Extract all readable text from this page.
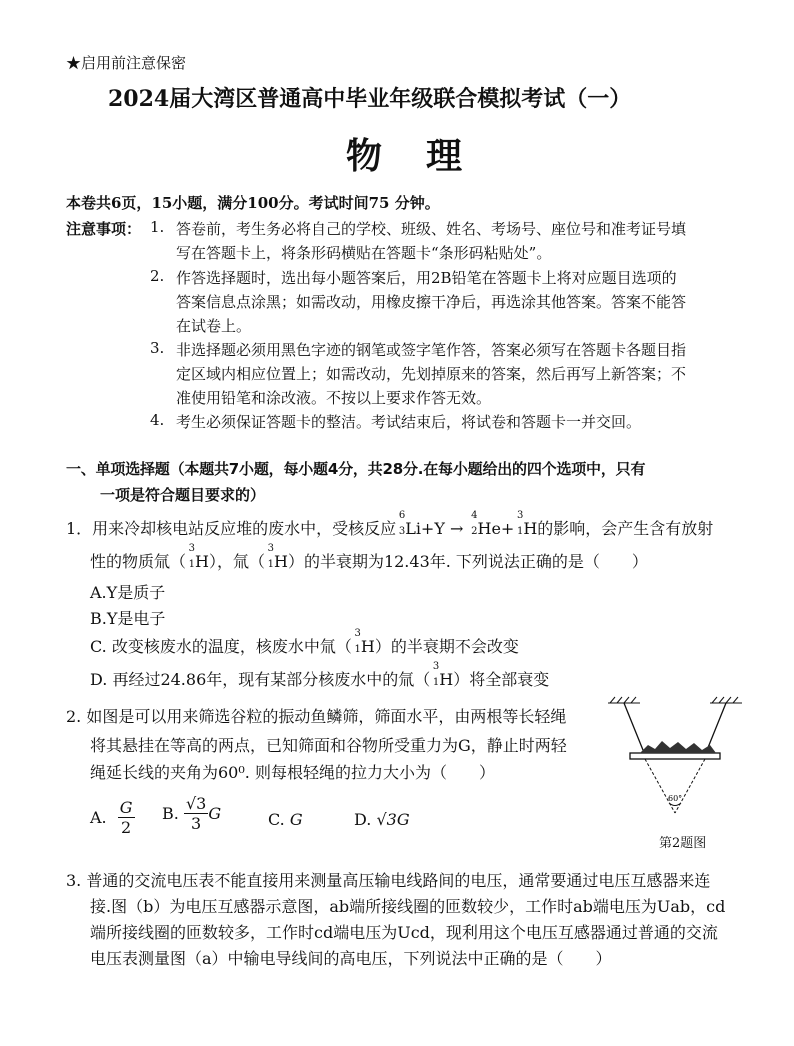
★启用前注意保密
2024届大湾区普通高中毕业年级联合模拟考试（一）
物　理
本卷共6页，15小题，满分100分。考试时间75 分钟。
注意事项： 1. 答卷前，考生务必将自己的学校、班级、姓名、考场号、座位号和准考证号填
写在答题卡上，将条形码横贴在答题卡“条形码粘贴处”。
2. 作答选择题时，选出每小题答案后，用2B铅笔在答题卡上将对应题目选项的
答案信息点涂黑；如需改动，用橡皮擦干净后，再选涂其他答案。答案不能答
在试卷上。
3. 非选择题必须用黑色字迹的钢笔或签字笔作答，答案必须写在答题卡各题目指
定区域内相应位置上；如需改动，先划掉原来的答案，然后再写上新答案；不
准使用铅笔和涂改液。不按以上要求作答无效。
4. 考生必须保证答题卡的整洁。考试结束后，将试卷和答题卡一并交回。
一、单项选择题（本题共7小题，每小题4分，共28分.在每小题给出的四个选项中，只有
一项是符合题目要求的）
1．用来冷却核电站反应堆的废水中，受核反应
6
3 Li+Y →
4
2 He+
3
1 H的影响，会产生含有放射
性的物质氚（
3
1 H），氚（
3
1 H）的半衰期为12.43年. 下列说法正确的是（　　）
A.Y是质子
B.Y是电子
C. 改变核废水的温度，核废水中氚（
3
1 H）的半衰期不会改变
D. 再经过24.86年，现有某部分核废水中的氚（
3
1 H）将全部衰变
2. 如图是可以用来筛选谷粒的振动鱼鳞筛，筛面水平，由两根等长轻绳
将其悬挂在等高的两点，已知筛面和谷物所受重力为G，静止时两轻
绳延长线的夹角为60⁰. 则每根轻绳的拉力大小为（　　）
A. $\frac{G}{2} B$. $\frac{√3}{3}$ G	C. G	D. √3G
60°
第2题图
3. 普通的交流电压表不能直接用来测量高压输电线路间的电压，通常要通过电压互感器来连
接.图（b）为电压互感器示意图，ab端所接线圈的匝数较少，工作时ab端电压为Uab，cd
端所接线圈的匝数较多，工作时cd端电压为Ucd，现利用这个电压互感器通过普通的交流
电压表测量图（a）中输电导线间的高电压，下列说法中正确的是（　　）
